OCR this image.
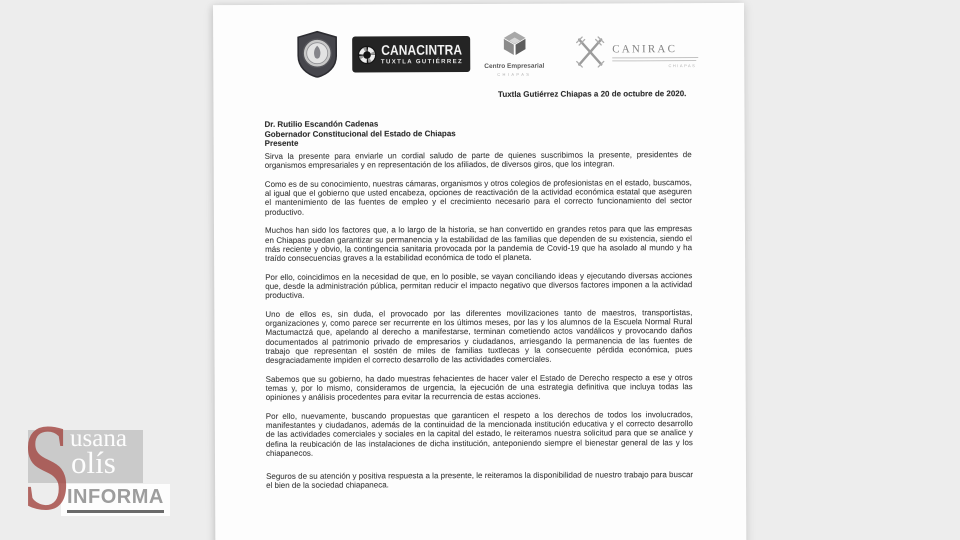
CANACINTRA
TUXTLA GUTIÉRREZ
Centro Empresarial
CHIAPAS
CANIRAC
CHIAPAS
Tuxtla Gutiérrez Chiapas a 20 de octubre de 2020.
Dr. Rutilio Escandón Cadenas
Gobernador Constitucional del Estado de Chiapas
Presente

Sirva la presente para enviarle un cordial saludo de parte de quienes suscribimos la presente, presidentes de organismos empresariales y en representación de los afiliados, de diversos giros, que los integran.

Como es de su conocimiento, nuestras cámaras, organismos y otros colegios de profesionistas en el estado, buscamos, al igual que el gobierno que usted encabeza, opciones de reactivación de la actividad económica estatal que aseguren el mantenimiento de las fuentes de empleo y el crecimiento necesario para el correcto funcionamiento del sector productivo.

Muchos han sido los factores que, a lo largo de la historia, se han convertido en grandes retos para que las empresas en Chiapas puedan garantizar su permanencia y la estabilidad de las familias que dependen de su existencia, siendo el más reciente y obvio, la contingencia sanitaria provocada por la pandemia de Covid-19 que ha asolado al mundo y ha traído consecuencias graves a la estabilidad económica de todo el planeta.

Por ello, coincidimos en la necesidad de que, en lo posible, se vayan conciliando ideas y ejecutando diversas acciones que, desde la administración pública, permitan reducir el impacto negativo que diversos factores imponen a la actividad productiva.

Uno de ellos es, sin duda, el provocado por las diferentes movilizaciones tanto de maestros, transportistas, organizaciones y, como parece ser recurrente en los últimos meses, por las y los alumnos de la Escuela Normal Rural Mactumactzá que, apelando al derecho a manifestarse, terminan cometiendo actos vandálicos y provocando daños documentados al patrimonio privado de empresarios y ciudadanos, arriesgando la permanencia de las fuentes de trabajo que representan el sostén de miles de familias tuxtlecas y la consecuente pérdida económica, pues desgraciadamente impiden el correcto desarrollo de las actividades comerciales.

Sabemos que su gobierno, ha dado muestras fehacientes de hacer valer el Estado de Derecho respecto a ese y otros temas y, por lo mismo, consideramos de urgencia, la ejecución de una estrategia definitiva que incluya todas las opiniones y análisis procedentes para evitar la recurrencia de estas acciones.

Por ello, nuevamente, buscando propuestas que garanticen el respeto a los derechos de todos los involucrados, manifestantes y ciudadanos, además de la continuidad de la mencionada institución educativa y el correcto desarrollo de las actividades comerciales y sociales en la capital del estado, le reiteramos nuestra solicitud para que se analice y defina la reubicación de las instalaciones de dicha institución, anteponiendo siempre el bienestar general de las y los chiapanecos.

Seguros de su atención y positiva respuesta a la presente, le reiteramos la disponibilidad de nuestro trabajo para buscar el bien de la sociedad chiapaneca.

usana
olís
S
INFORMA
